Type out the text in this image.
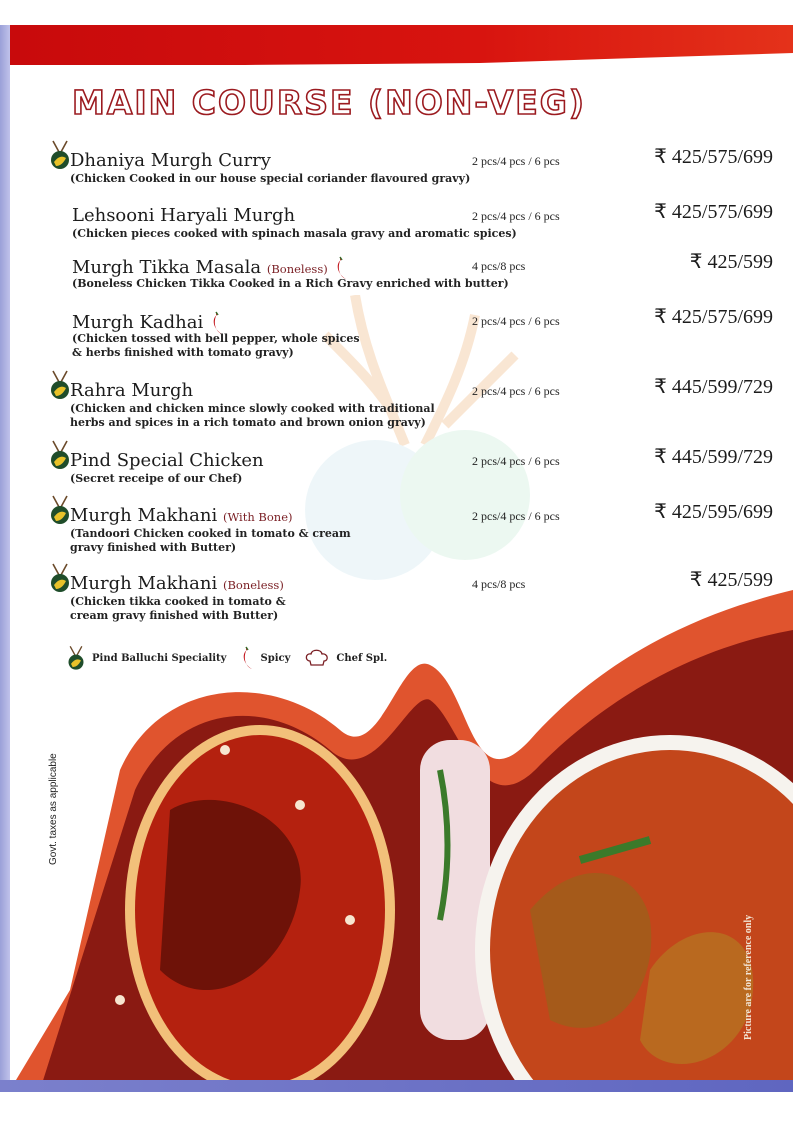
MAIN COURSE (NON-VEG)
Dhaniya Murgh Curry
(Chicken Cooked in our house special coriander flavoured gravy)
2 pcs/4 pcs / 6 pcs	₹ 425/575/699
Lehsooni Haryali Murgh
(Chicken pieces cooked with spinach masala gravy and aromatic spices)
2 pcs/4 pcs / 6 pcs	₹ 425/575/699
Murgh Tikka Masala (Boneless)
(Boneless Chicken Tikka Cooked in a Rich Gravy enriched with butter)
4 pcs/8 pcs	₹ 425/599
Murgh Kadhai
(Chicken tossed with bell pepper, whole spices
& herbs finished with tomato gravy)
2 pcs/4 pcs / 6 pcs	₹ 425/575/699
Rahra Murgh
(Chicken and chicken mince slowly cooked with traditional
herbs and spices in a rich tomato and brown onion gravy)
2 pcs/4 pcs / 6 pcs	₹ 445/599/729
Pind Special Chicken
(Secret receipe of our Chef)
2 pcs/4 pcs / 6 pcs	₹ 445/599/729
Murgh Makhani (With Bone)
(Tandoori Chicken cooked in tomato & cream
gravy finished with Butter)
2 pcs/4 pcs / 6 pcs	₹ 425/595/699
Murgh Makhani (Boneless)
(Chicken tikka cooked in tomato &
cream gravy finished with Butter)
4 pcs/8 pcs	₹ 425/599
Pind Balluchi Speciality	Spicy	Chef Spl.
Govt. taxes as applicable
Picture are for reference only
